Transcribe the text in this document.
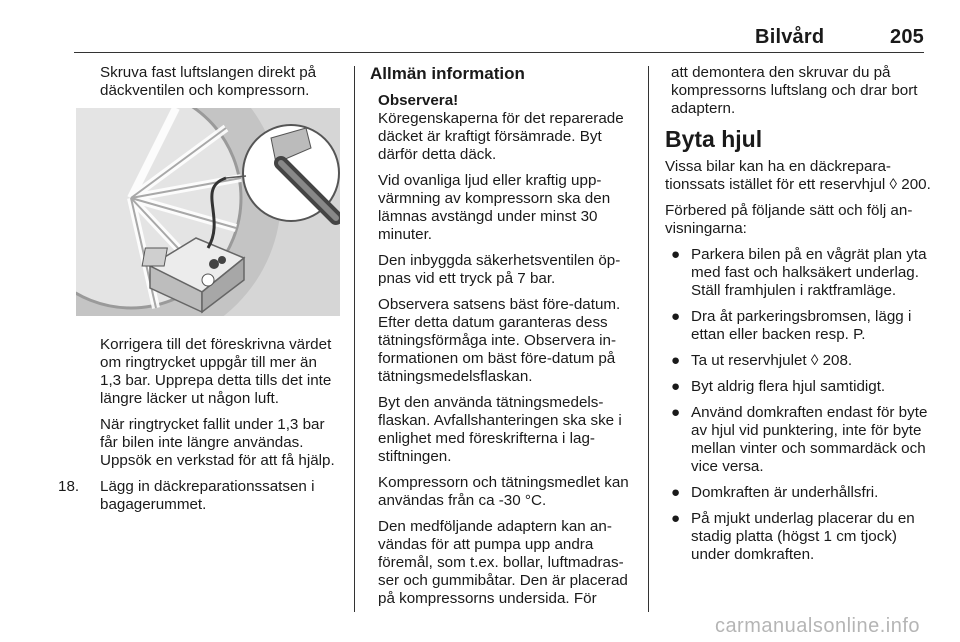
Bilvård	205

Skruva fast luftslangen direkt på däckventilen och kompressorn.

Korrigera till det föreskrivna värdet om ringtrycket uppgår till mer än 1,3 bar. Upprepa detta tills det inte längre läcker ut någon luft.

När ringtrycket fallit under 1,3 bar får bilen inte längre användas. Uppsök en verkstad för att få hjälp.

18. Lägg in däckreparationssatsen i bagagerummet.

Allmän information

Observera!

Köregenskaperna för det reparerade däcket är kraftigt försämrade. Byt därför detta däck.

Vid ovanliga ljud eller kraftig uppvärmning av kompressorn ska den lämnas avstängd under minst 30 minuter.

Den inbyggda säkerhetsventilen öppnas vid ett tryck på 7 bar.

Observera satsens bäst före-datum. Efter detta datum garanteras dess tätningsförmåga inte. Observera informationen om bäst före-datum på tätningsmedelsflaskan.

Byt den använda tätningsmedelsflaskan. Avfallshanteringen ska ske i enlighet med föreskrifterna i lagstiftningen.

Kompressorn och tätningsmedlet kan användas från ca -30 °C.

Den medföljande adaptern kan användas för att pumpa upp andra föremål, som t.ex. bollar, luftmadrasser och gummibåtar. Den är placerad på kompressorns undersida. För

att demontera den skruvar du på kompressorns luftslang och drar bort adaptern.

Byta hjul

Vissa bilar kan ha en däckreparationssats istället för ett reservhjul ◊ 200.

Förbered på följande sätt och följ anvisningarna:

● Parkera bilen på en vågrät plan yta med fast och halksäkert underlag. Ställ framhjulen i raktframläge.
● Dra åt parkeringsbromsen, lägg i ettan eller backen resp. P.
● Ta ut reservhjulet ◊ 208.
● Byt aldrig flera hjul samtidigt.
● Använd domkraften endast för byte av hjul vid punktering, inte för byte mellan vinter och sommardäck och vice versa.
● Domkraften är underhållsfri.
● På mjukt underlag placerar du en stadig platta (högst 1 cm tjock) under domkraften.
carmanualsonline.info
